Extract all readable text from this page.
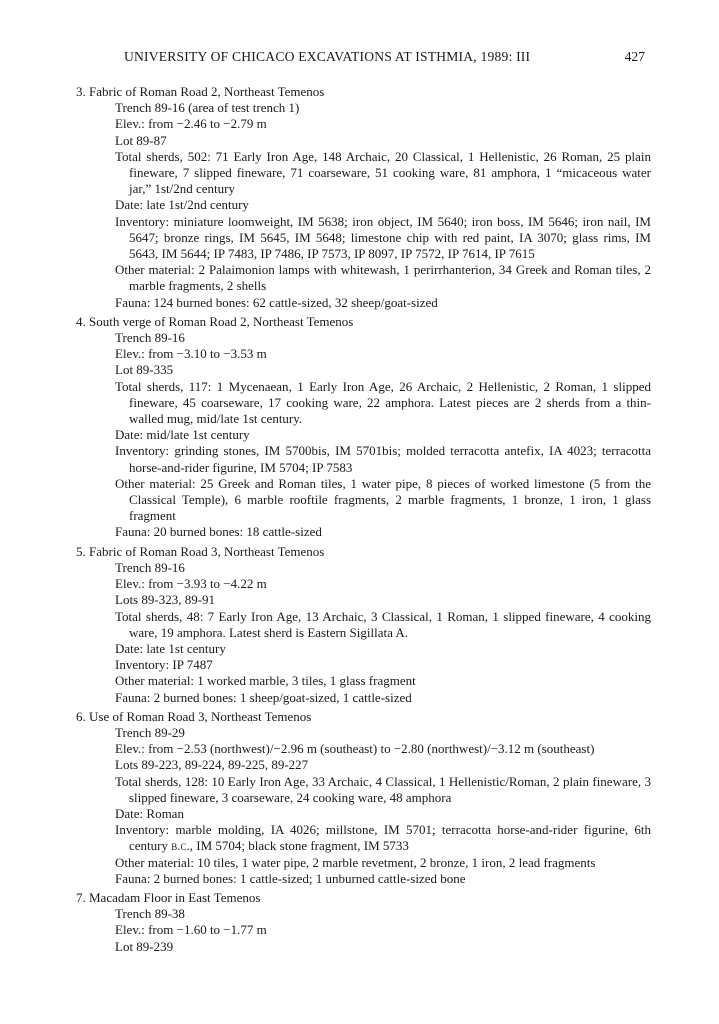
UNIVERSITY OF CHICACO EXCAVATIONS AT ISTHMIA, 1989: III	427
3. Fabric of Roman Road 2, Northeast Temenos
Trench 89-16 (area of test trench 1)
Elev.: from −2.46 to −2.79 m
Lot 89-87
Total sherds, 502: 71 Early Iron Age, 148 Archaic, 20 Classical, 1 Hellenistic, 26 Roman, 25 plain fineware, 7 slipped fineware, 71 coarseware, 51 cooking ware, 81 amphora, 1 “micaceous water jar,” 1st/2nd century
Date: late 1st/2nd century
Inventory: miniature loomweight, IM 5638; iron object, IM 5640; iron boss, IM 5646; iron nail, IM 5647; bronze rings, IM 5645, IM 5648; limestone chip with red paint, IA 3070; glass rims, IM 5643, IM 5644; IP 7483, IP 7486, IP 7573, IP 8097, IP 7572, IP 7614, IP 7615
Other material: 2 Palaimonion lamps with whitewash, 1 perirrhanterion, 34 Greek and Roman tiles, 2 marble fragments, 2 shells
Fauna: 124 burned bones: 62 cattle-sized, 32 sheep/goat-sized
4. South verge of Roman Road 2, Northeast Temenos
Trench 89-16
Elev.: from −3.10 to −3.53 m
Lot 89-335
Total sherds, 117: 1 Mycenaean, 1 Early Iron Age, 26 Archaic, 2 Hellenistic, 2 Roman, 1 slipped fineware, 45 coarseware, 17 cooking ware, 22 amphora. Latest pieces are 2 sherds from a thin-walled mug, mid/late 1st century.
Date: mid/late 1st century
Inventory: grinding stones, IM 5700bis, IM 5701bis; molded terracotta antefix, IA 4023; terracotta horse-and-rider figurine, IM 5704; IP 7583
Other material: 25 Greek and Roman tiles, 1 water pipe, 8 pieces of worked limestone (5 from the Classical Temple), 6 marble rooftile fragments, 2 marble fragments, 1 bronze, 1 iron, 1 glass fragment
Fauna: 20 burned bones: 18 cattle-sized
5. Fabric of Roman Road 3, Northeast Temenos
Trench 89-16
Elev.: from −3.93 to −4.22 m
Lots 89-323, 89-91
Total sherds, 48: 7 Early Iron Age, 13 Archaic, 3 Classical, 1 Roman, 1 slipped fineware, 4 cooking ware, 19 amphora. Latest sherd is Eastern Sigillata A.
Date: late 1st century
Inventory: IP 7487
Other material: 1 worked marble, 3 tiles, 1 glass fragment
Fauna: 2 burned bones: 1 sheep/goat-sized, 1 cattle-sized
6. Use of Roman Road 3, Northeast Temenos
Trench 89-29
Elev.: from −2.53 (northwest)/−2.96 m (southeast) to −2.80 (northwest)/−3.12 m (southeast)
Lots 89-223, 89-224, 89-225, 89-227
Total sherds, 128: 10 Early Iron Age, 33 Archaic, 4 Classical, 1 Hellenistic/Roman, 2 plain fineware, 3 slipped fineware, 3 coarseware, 24 cooking ware, 48 amphora
Date: Roman
Inventory: marble molding, IA 4026; millstone, IM 5701; terracotta horse-and-rider figurine, 6th century b.c., IM 5704; black stone fragment, IM 5733
Other material: 10 tiles, 1 water pipe, 2 marble revetment, 2 bronze, 1 iron, 2 lead fragments
Fauna: 2 burned bones: 1 cattle-sized; 1 unburned cattle-sized bone
7. Macadam Floor in East Temenos
Trench 89-38
Elev.: from −1.60 to −1.77 m
Lot 89-239
